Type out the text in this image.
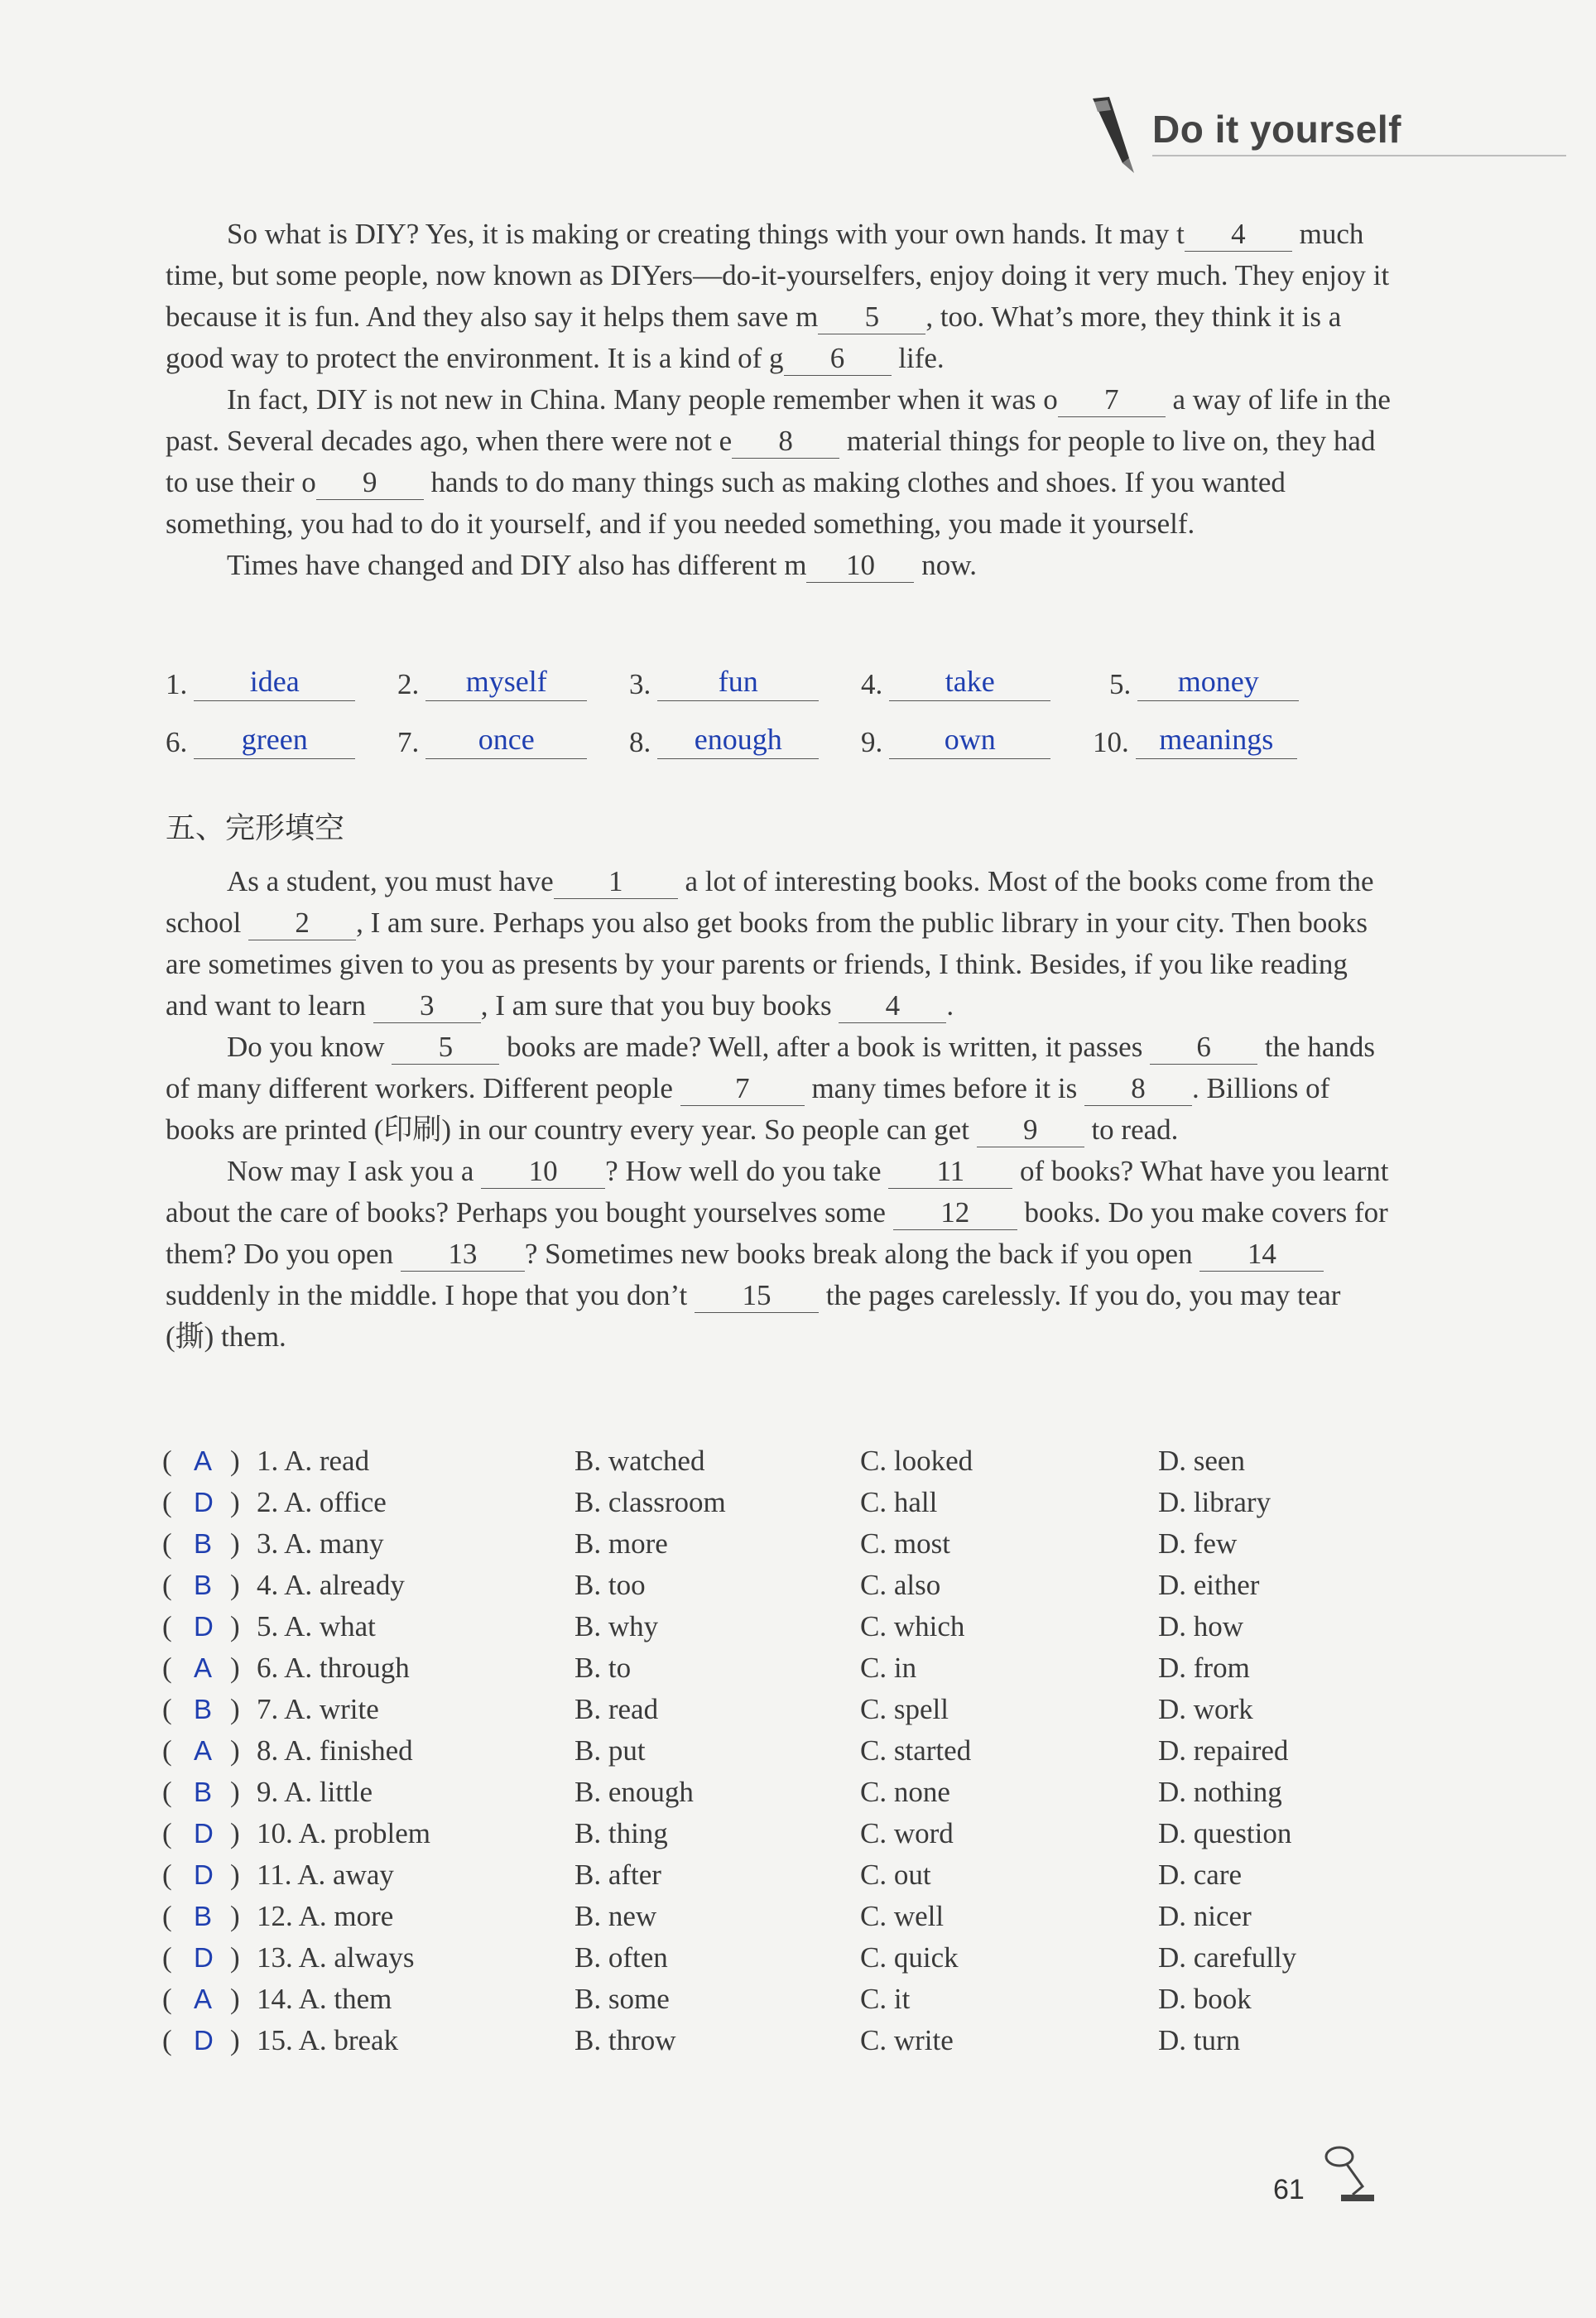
Do it yourself

So what is DIY? Yes, it is making or creating things with your own hands. It may t 4 much time, but some people, now known as DIYers—do-it-yourselfers, enjoy doing it very much. They enjoy it because it is fun. And they also say it helps them save m 5 , too. What’s more, they think it is a good way to protect the environment. It is a kind of g 6 life.

In fact, DIY is not new in China. Many people remember when it was o 7 a way of life in the past. Several decades ago, when there were not e 8 material things for people to live on, they had to use their o 9 hands to do many things such as making clothes and shoes. If you wanted something, you had to do it yourself, and if you needed something, you made it yourself.

Times have changed and DIY also has different m 10 now.

1. idea	2. myself	3. fun	4. take	5. money
6. green	7. once	8. enough	9. own	10. meanings
五、完形填空

As a student, you must have 1 a lot of interesting books. Most of the books come from the school 2 , I am sure. Perhaps you also get books from the public library in your city. Then books are sometimes given to you as presents by your parents or friends, I think. Besides, if you like reading and want to learn 3 , I am sure that you buy books 4 .

Do you know 5 books are made? Well, after a book is written, it passes 6 the hands of many different workers. Different people 7 many times before it is 8 . Billions of books are printed (印刷) in our country every year. So people can get 9 to read.

Now may I ask you a 10 ? How well do you take 11 of books? What have you learnt about the care of books? Perhaps you bought yourselves some 12 books. Do you make covers for them? Do you open 13 ? Sometimes new books break along the back if you open 14 suddenly in the middle. I hope that you don’t 15 the pages carelessly. If you do, you may tear (撕) them.

( A ) 1. A. read	B. watched	C. looked	D. seen
( D ) 2. A. office	B. classroom	C. hall	D. library
( B ) 3. A. many	B. more	C. most	D. few
( B ) 4. A. already	B. too	C. also	D. either
( D ) 5. A. what	B. why	C. which	D. how
( A ) 6. A. through	B. to	C. in	D. from
( B ) 7. A. write	B. read	C. spell	D. work
( A ) 8. A. finished	B. put	C. started	D. repaired
( B ) 9. A. little	B. enough	C. none	D. nothing
( D ) 10. A. problem	B. thing	C. word	D. question
( D ) 11. A. away	B. after	C. out	D. care
( B ) 12. A. more	B. new	C. well	D. nicer
( D ) 13. A. always	B. often	C. quick	D. carefully
( A ) 14. A. them	B. some	C. it	D. book
( D ) 15. A. break	B. throw	C. write	D. turn
61
